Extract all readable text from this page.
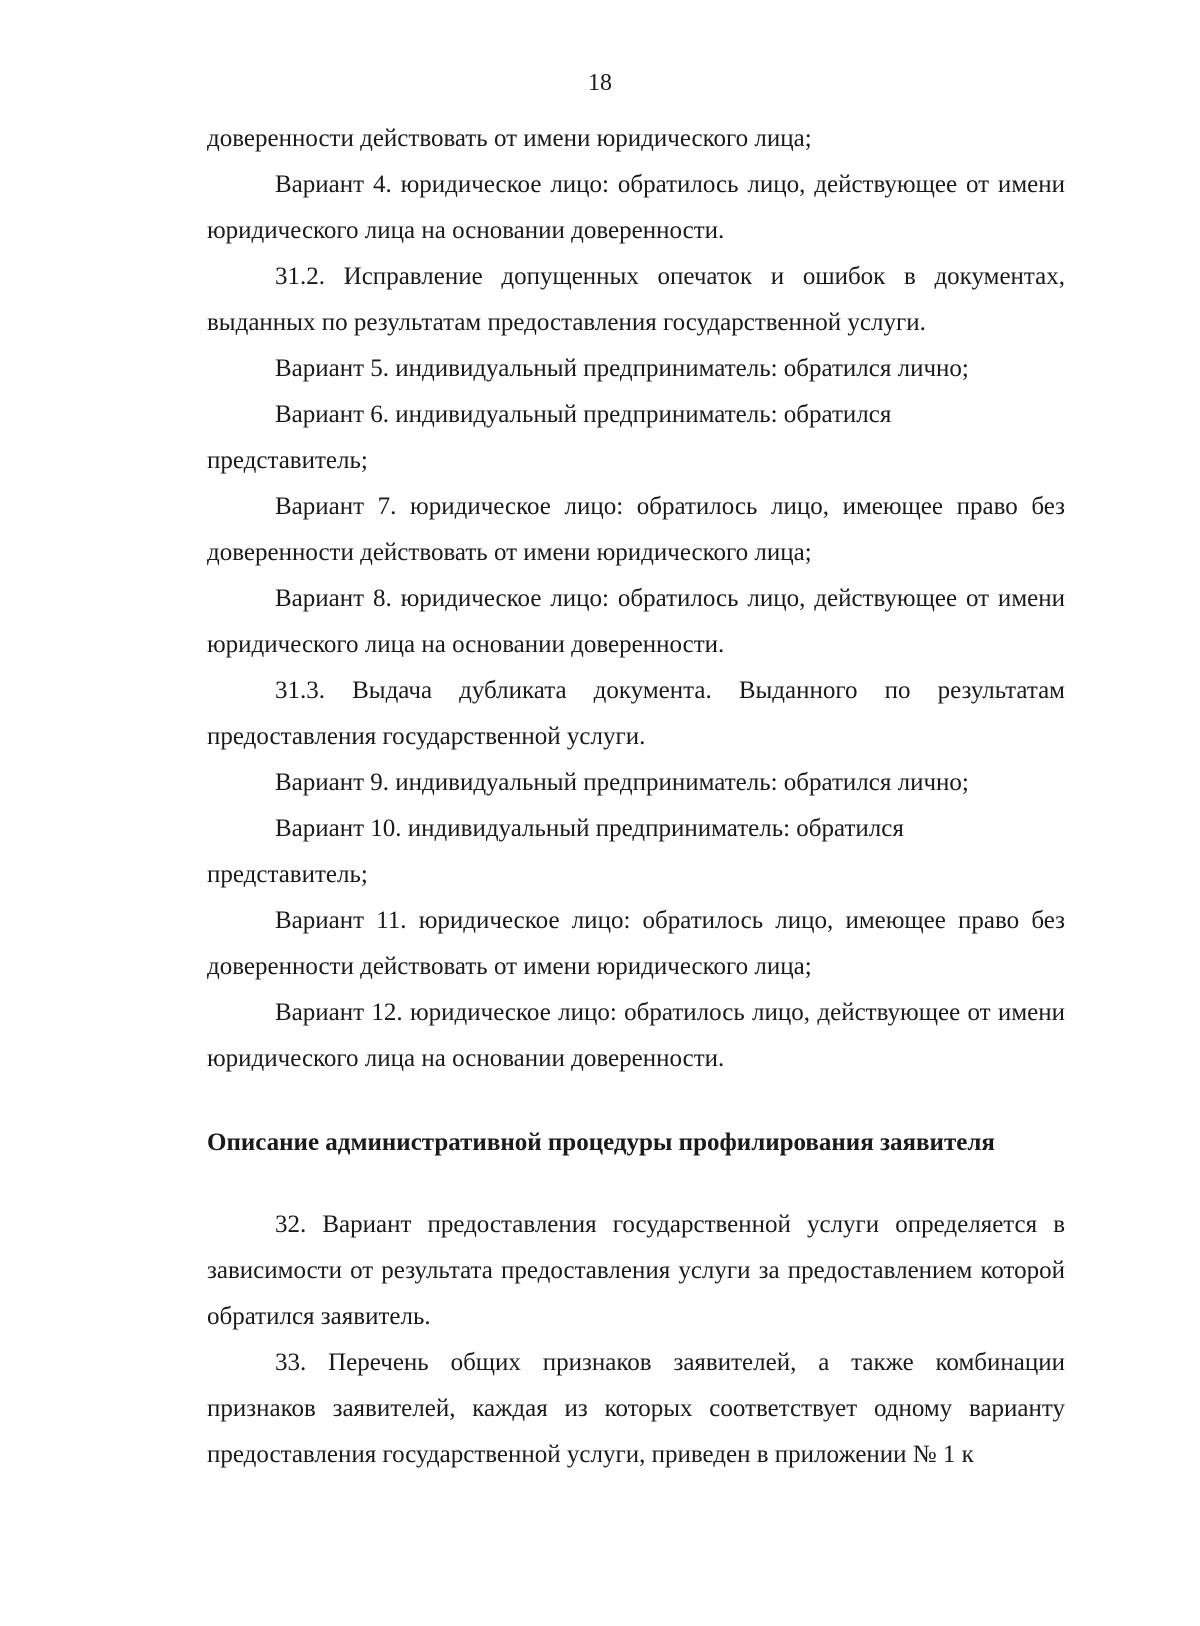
18

доверенности действовать от имени юридического лица;

Вариант 4. юридическое лицо: обратилось лицо, действующее от имени юридического лица на основании доверенности.

31.2. Исправление допущенных опечаток и ошибок в документах, выданных по результатам предоставления государственной услуги.

Вариант 5. индивидуальный предприниматель: обратился лично;

Вариант 6. индивидуальный предприниматель: обратился

представитель;

Вариант 7. юридическое лицо: обратилось лицо, имеющее право без доверенности действовать от имени юридического лица;

Вариант 8. юридическое лицо: обратилось лицо, действующее от имени юридического лица на основании доверенности.

31.3. Выдача дубликата документа. Выданного по результатам предоставления государственной услуги.

Вариант 9. индивидуальный предприниматель: обратился лично;

Вариант 10. индивидуальный предприниматель: обратился

представитель;

Вариант 11. юридическое лицо: обратилось лицо, имеющее право без доверенности действовать от имени юридического лица;

Вариант 12. юридическое лицо: обратилось лицо, действующее от имени юридического лица на основании доверенности.

Описание административной процедуры профилирования заявителя

32. Вариант предоставления государственной услуги определяется в зависимости от результата предоставления услуги за предоставлением которой обратился заявитель.

33. Перечень общих признаков заявителей, а также комбинации признаков заявителей, каждая из которых соответствует одному варианту предоставления государственной услуги, приведен в приложении № 1 к
